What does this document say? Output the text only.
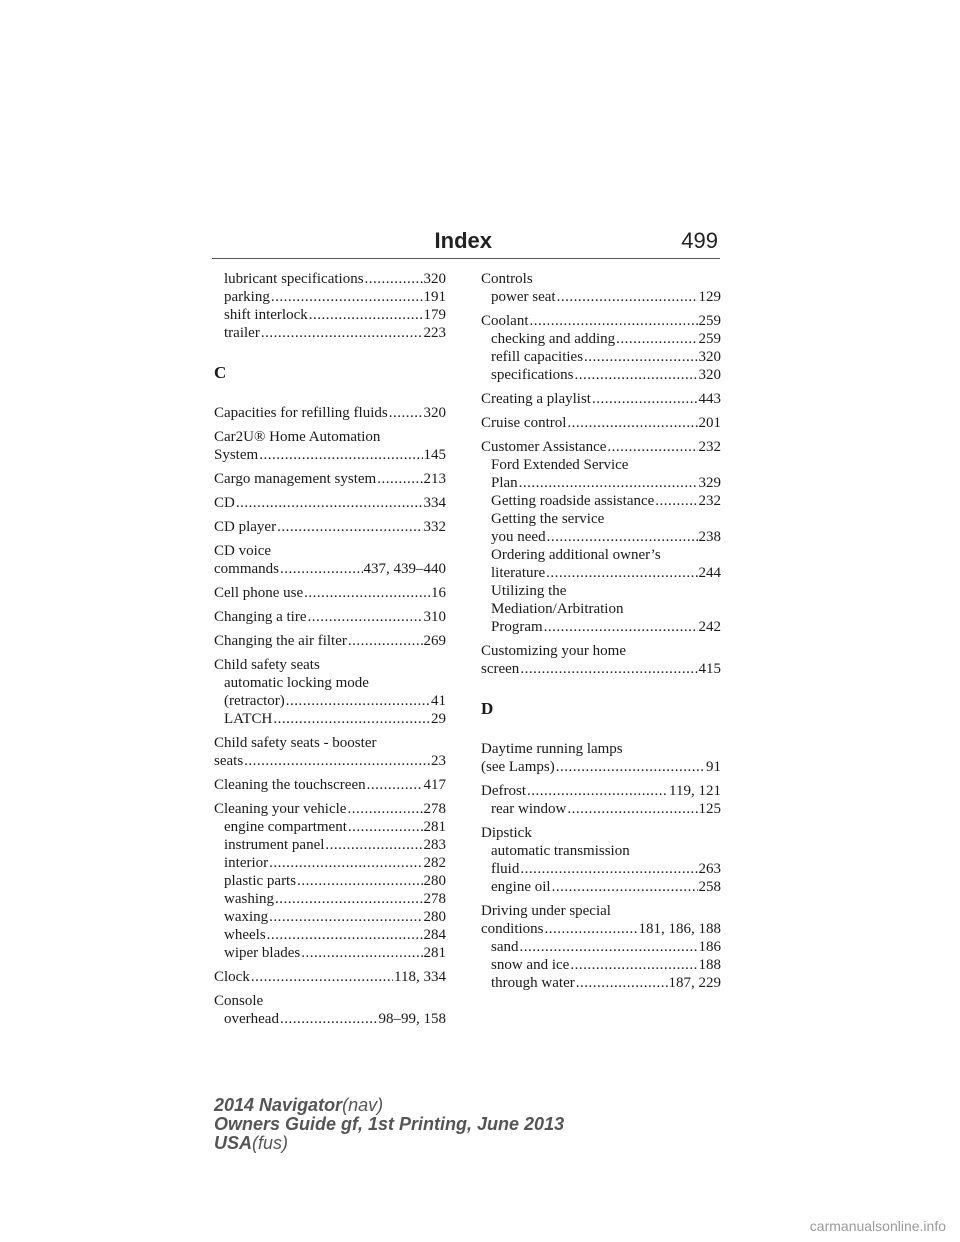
Index	499
lubricant specifications .....	320
parking .....	191
shift interlock .....	179
trailer .....	223
C
Capacities for refilling fluids ..... 320
Car2U® Home Automation
System .....	145
Cargo management system .....	213
CD .....	334
CD player .....	332
CD voice
commands .....	437, 439–440
Cell phone use .....	16
Changing a tire .....	310
Changing the air filter .....	269
Child safety seats
automatic locking mode
(retractor) .....	41
LATCH .....	29
Child safety seats - booster
seats .....	23
Cleaning the touchscreen .....	417
Cleaning your vehicle .....	278
engine compartment .....	281
instrument panel .....	283
interior .....	282
plastic parts .....	280
washing .....	278
waxing .....	280
wheels .....	284
wiper blades .....	281
Clock .....	118, 334
Console
overhead .....	98–99, 158
Controls
power seat .....	129
Coolant .....	259
checking and adding .....	259
refill capacities .....	320
specifications .....	320
Creating a playlist .....	443
Cruise control .....	201
Customer Assistance .....	232
Ford Extended Service
Plan .....	329
Getting roadside assistance .....	232
Getting the service
you need .....	238
Ordering additional owner’s
literature .....	244
Utilizing the
Mediation/Arbitration
Program .....	242
Customizing your home
screen .....	415
D
Daytime running lamps
(see Lamps) .....	91
Defrost .....	119, 121
rear window .....	125
Dipstick
automatic transmission
fluid .....	263
engine oil .....	258
Driving under special
conditions .....	181, 186, 188
sand .....	186
snow and ice .....	188
through water .....	187, 229
2014 Navigator(nav)
Owners Guide gf, 1st Printing, June 2013
USA(fus)
carmanualsonline.info
